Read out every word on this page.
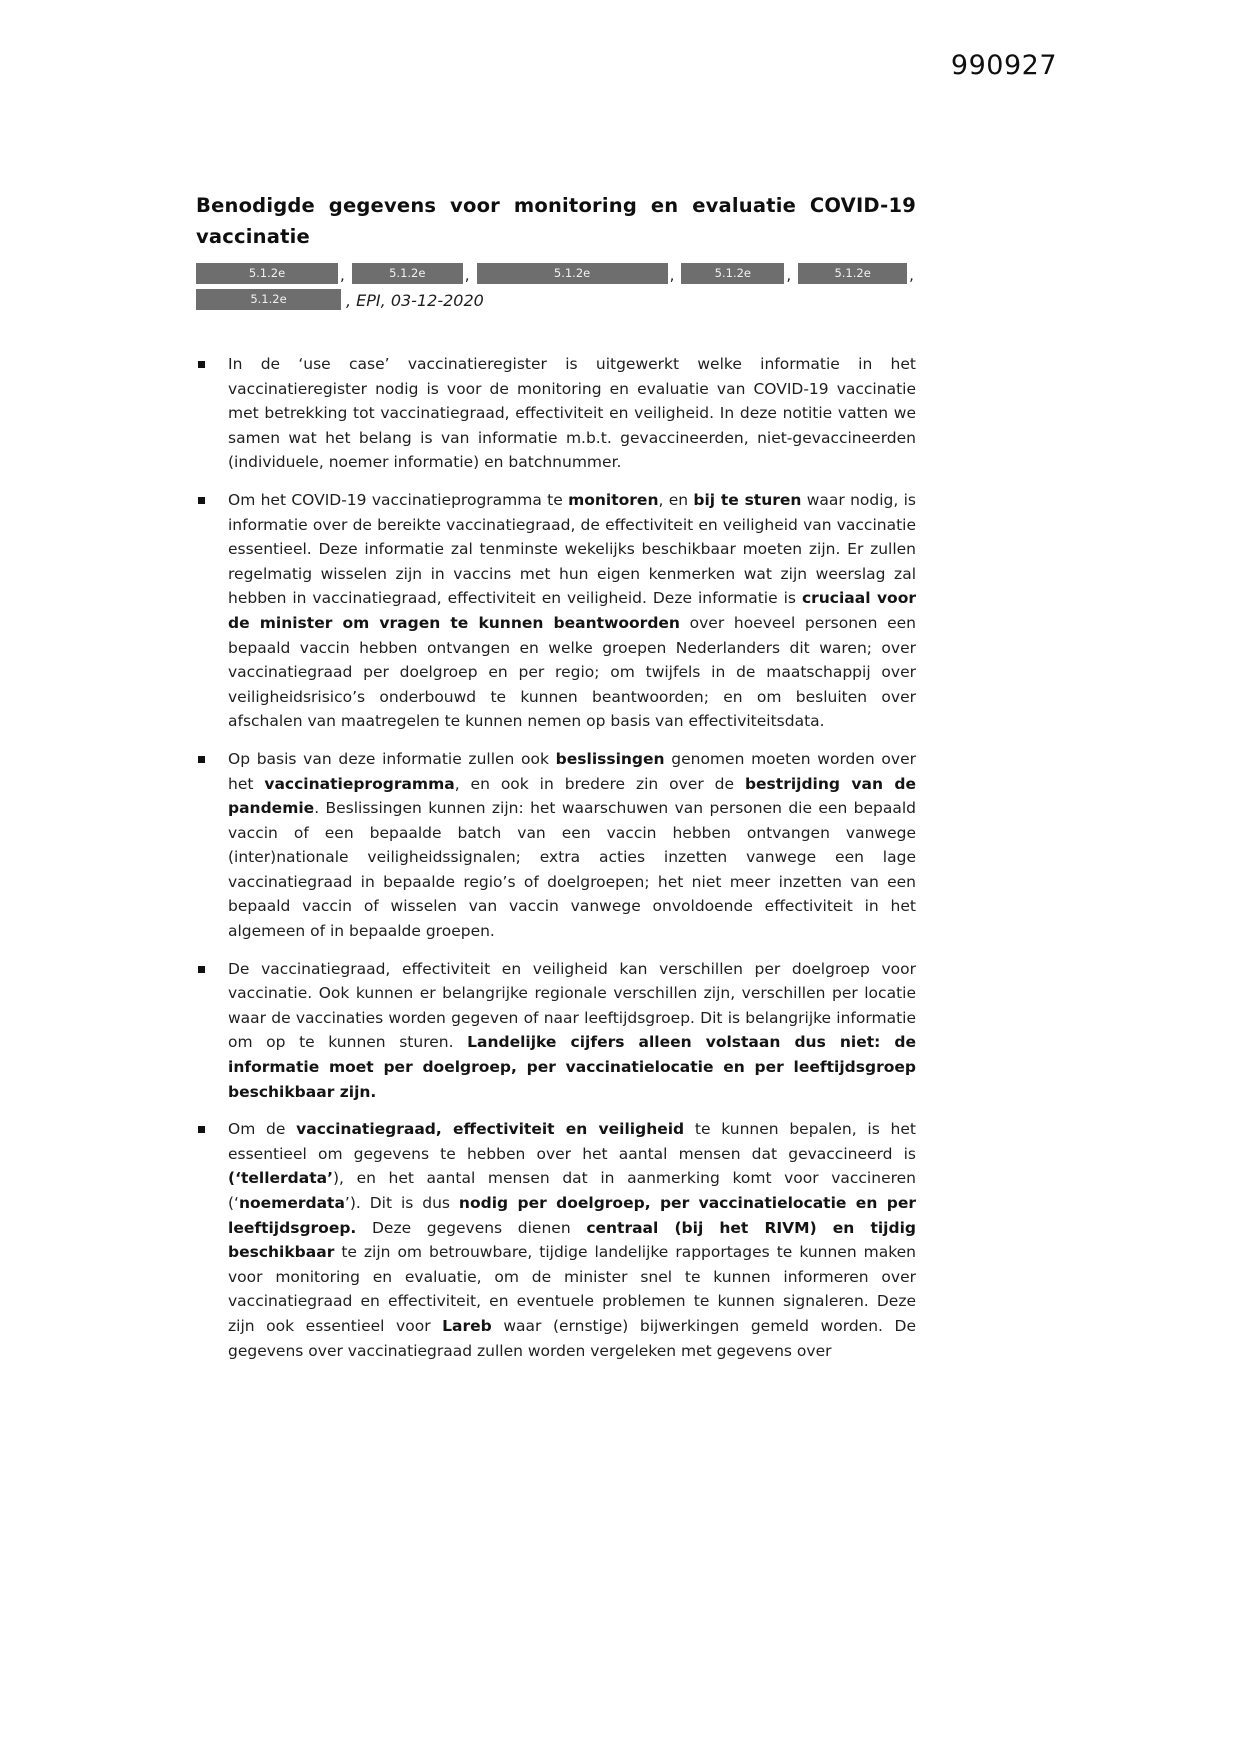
990927
Benodigde gegevens voor monitoring en evaluatie COVID-19 vaccinatie
5.1.2e	,	5.1.2e	,	5.1.2e	,	5.1.2e	,	5.1.2e	,
5.1.2e	, EPI, 03-12-2020
In de ‘use case’ vaccinatieregister is uitgewerkt welke informatie in het vaccinatieregister nodig is voor de monitoring en evaluatie van COVID-19 vaccinatie met betrekking tot vaccinatiegraad, effectiviteit en veiligheid. In deze notitie vatten we samen wat het belang is van informatie m.b.t. gevaccineerden, niet-gevaccineerden (individuele, noemer informatie) en batchnummer.
Om het COVID-19 vaccinatieprogramma te monitoren, en bij te sturen waar nodig, is informatie over de bereikte vaccinatiegraad, de effectiviteit en veiligheid van vaccinatie essentieel. Deze informatie zal tenminste wekelijks beschikbaar moeten zijn. Er zullen regelmatig wisselen zijn in vaccins met hun eigen kenmerken wat zijn weerslag zal hebben in vaccinatiegraad, effectiviteit en veiligheid. Deze informatie is cruciaal voor de minister om vragen te kunnen beantwoorden over hoeveel personen een bepaald vaccin hebben ontvangen en welke groepen Nederlanders dit waren; over vaccinatiegraad per doelgroep en per regio; om twijfels in de maatschappij over veiligheidsrisico’s onderbouwd te kunnen beantwoorden; en om besluiten over afschalen van maatregelen te kunnen nemen op basis van effectiviteitsdata.
Op basis van deze informatie zullen ook beslissingen genomen moeten worden over het vaccinatieprogramma, en ook in bredere zin over de bestrijding van de pandemie. Beslissingen kunnen zijn: het waarschuwen van personen die een bepaald vaccin of een bepaalde batch van een vaccin hebben ontvangen vanwege (inter)nationale veiligheidssignalen; extra acties inzetten vanwege een lage vaccinatiegraad in bepaalde regio’s of doelgroepen; het niet meer inzetten van een bepaald vaccin of wisselen van vaccin vanwege onvoldoende effectiviteit in het algemeen of in bepaalde groepen.
De vaccinatiegraad, effectiviteit en veiligheid kan verschillen per doelgroep voor vaccinatie. Ook kunnen er belangrijke regionale verschillen zijn, verschillen per locatie waar de vaccinaties worden gegeven of naar leeftijdsgroep. Dit is belangrijke informatie om op te kunnen sturen. Landelijke cijfers alleen volstaan dus niet: de informatie moet per doelgroep, per vaccinatielocatie en per leeftijdsgroep beschikbaar zijn.
Om de vaccinatiegraad, effectiviteit en veiligheid te kunnen bepalen, is het essentieel om gegevens te hebben over het aantal mensen dat gevaccineerd is (‘tellerdata’), en het aantal mensen dat in aanmerking komt voor vaccineren (‘noemerdata’). Dit is dus nodig per doelgroep, per vaccinatielocatie en per leeftijdsgroep. Deze gegevens dienen centraal (bij het RIVM) en tijdig beschikbaar te zijn om betrouwbare, tijdige landelijke rapportages te kunnen maken voor monitoring en evaluatie, om de minister snel te kunnen informeren over vaccinatiegraad en effectiviteit, en eventuele problemen te kunnen signaleren. Deze zijn ook essentieel voor Lareb waar (ernstige) bijwerkingen gemeld worden. De gegevens over vaccinatiegraad zullen worden vergeleken met gegevens over
